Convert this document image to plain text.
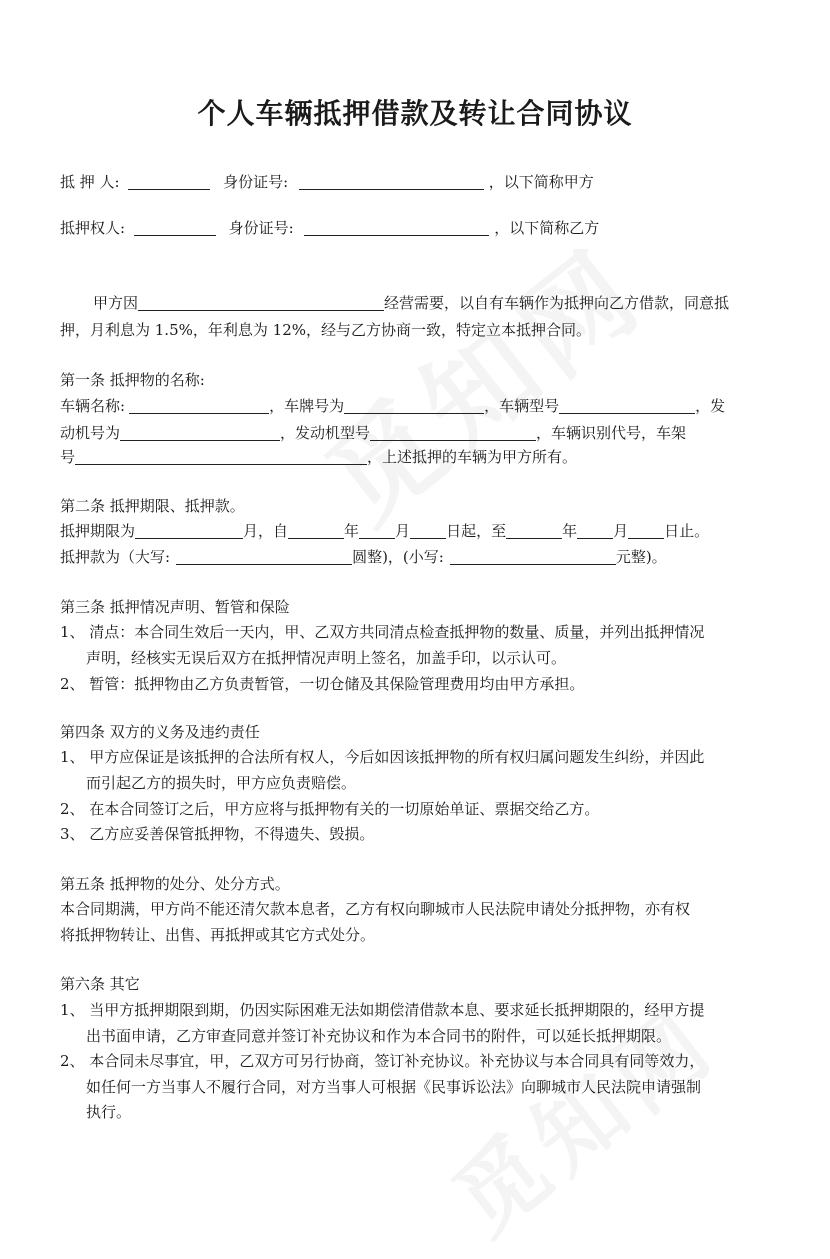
个人车辆抵押借款及转让合同协议
抵 押 人:	身份证号:	，以下简称甲方
抵押权人:	身份证号:	，以下简称乙方
甲方因	经营需要，以自有车辆作为抵押向乙方借款，同意抵
押，月利息为 1.5%，年利息为 12%，经与乙方协商一致，特定立本抵押合同。
第一条 抵押物的名称:
车辆名称:	，车牌号为	，车辆型号	，发
动机号为	，发动机型号	，车辆识别代号，车架
号	，上述抵押的车辆为甲方所有。
第二条 抵押期限、抵押款。
抵押期限为	月，自	年 月 日起，至	年 月 日止。
抵押款为（大写:	圆整)，(小写:	元整)。
第三条 抵押情况声明、暂管和保险
1、 清点：本合同生效后一天内，甲、乙双方共同清点检查抵押物的数量、质量，并列出抵押情况
声明，经核实无误后双方在抵押情况声明上签名，加盖手印，以示认可。
2、 暂管：抵押物由乙方负责暂管，一切仓储及其保险管理费用均由甲方承担。
第四条 双方的义务及违约责任
1、 甲方应保证是该抵押的合法所有权人，今后如因该抵押物的所有权归属问题发生纠纷，并因此
而引起乙方的损失时，甲方应负责赔偿。
2、 在本合同签订之后，甲方应将与抵押物有关的一切原始单证、票据交给乙方。
3、 乙方应妥善保管抵押物，不得遗失、毁损。
第五条 抵押物的处分、处分方式。
本合同期满，甲方尚不能还清欠款本息者，乙方有权向聊城市人民法院申请处分抵押物，亦有权
将抵押物转让、出售、再抵押或其它方式处分。
第六条 其它
1、 当甲方抵押期限到期，仍因实际困难无法如期偿清借款本息、要求延长抵押期限的，经甲方提
出书面申请，乙方审查同意并签订补充协议和作为本合同书的附件，可以延长抵押期限。
2、 本合同未尽事宜，甲，乙双方可另行协商，签订补充协议。补充协议与本合同具有同等效力，
如任何一方当事人不履行合同，对方当事人可根据《民事诉讼法》向聊城市人民法院申请强制
执行。
